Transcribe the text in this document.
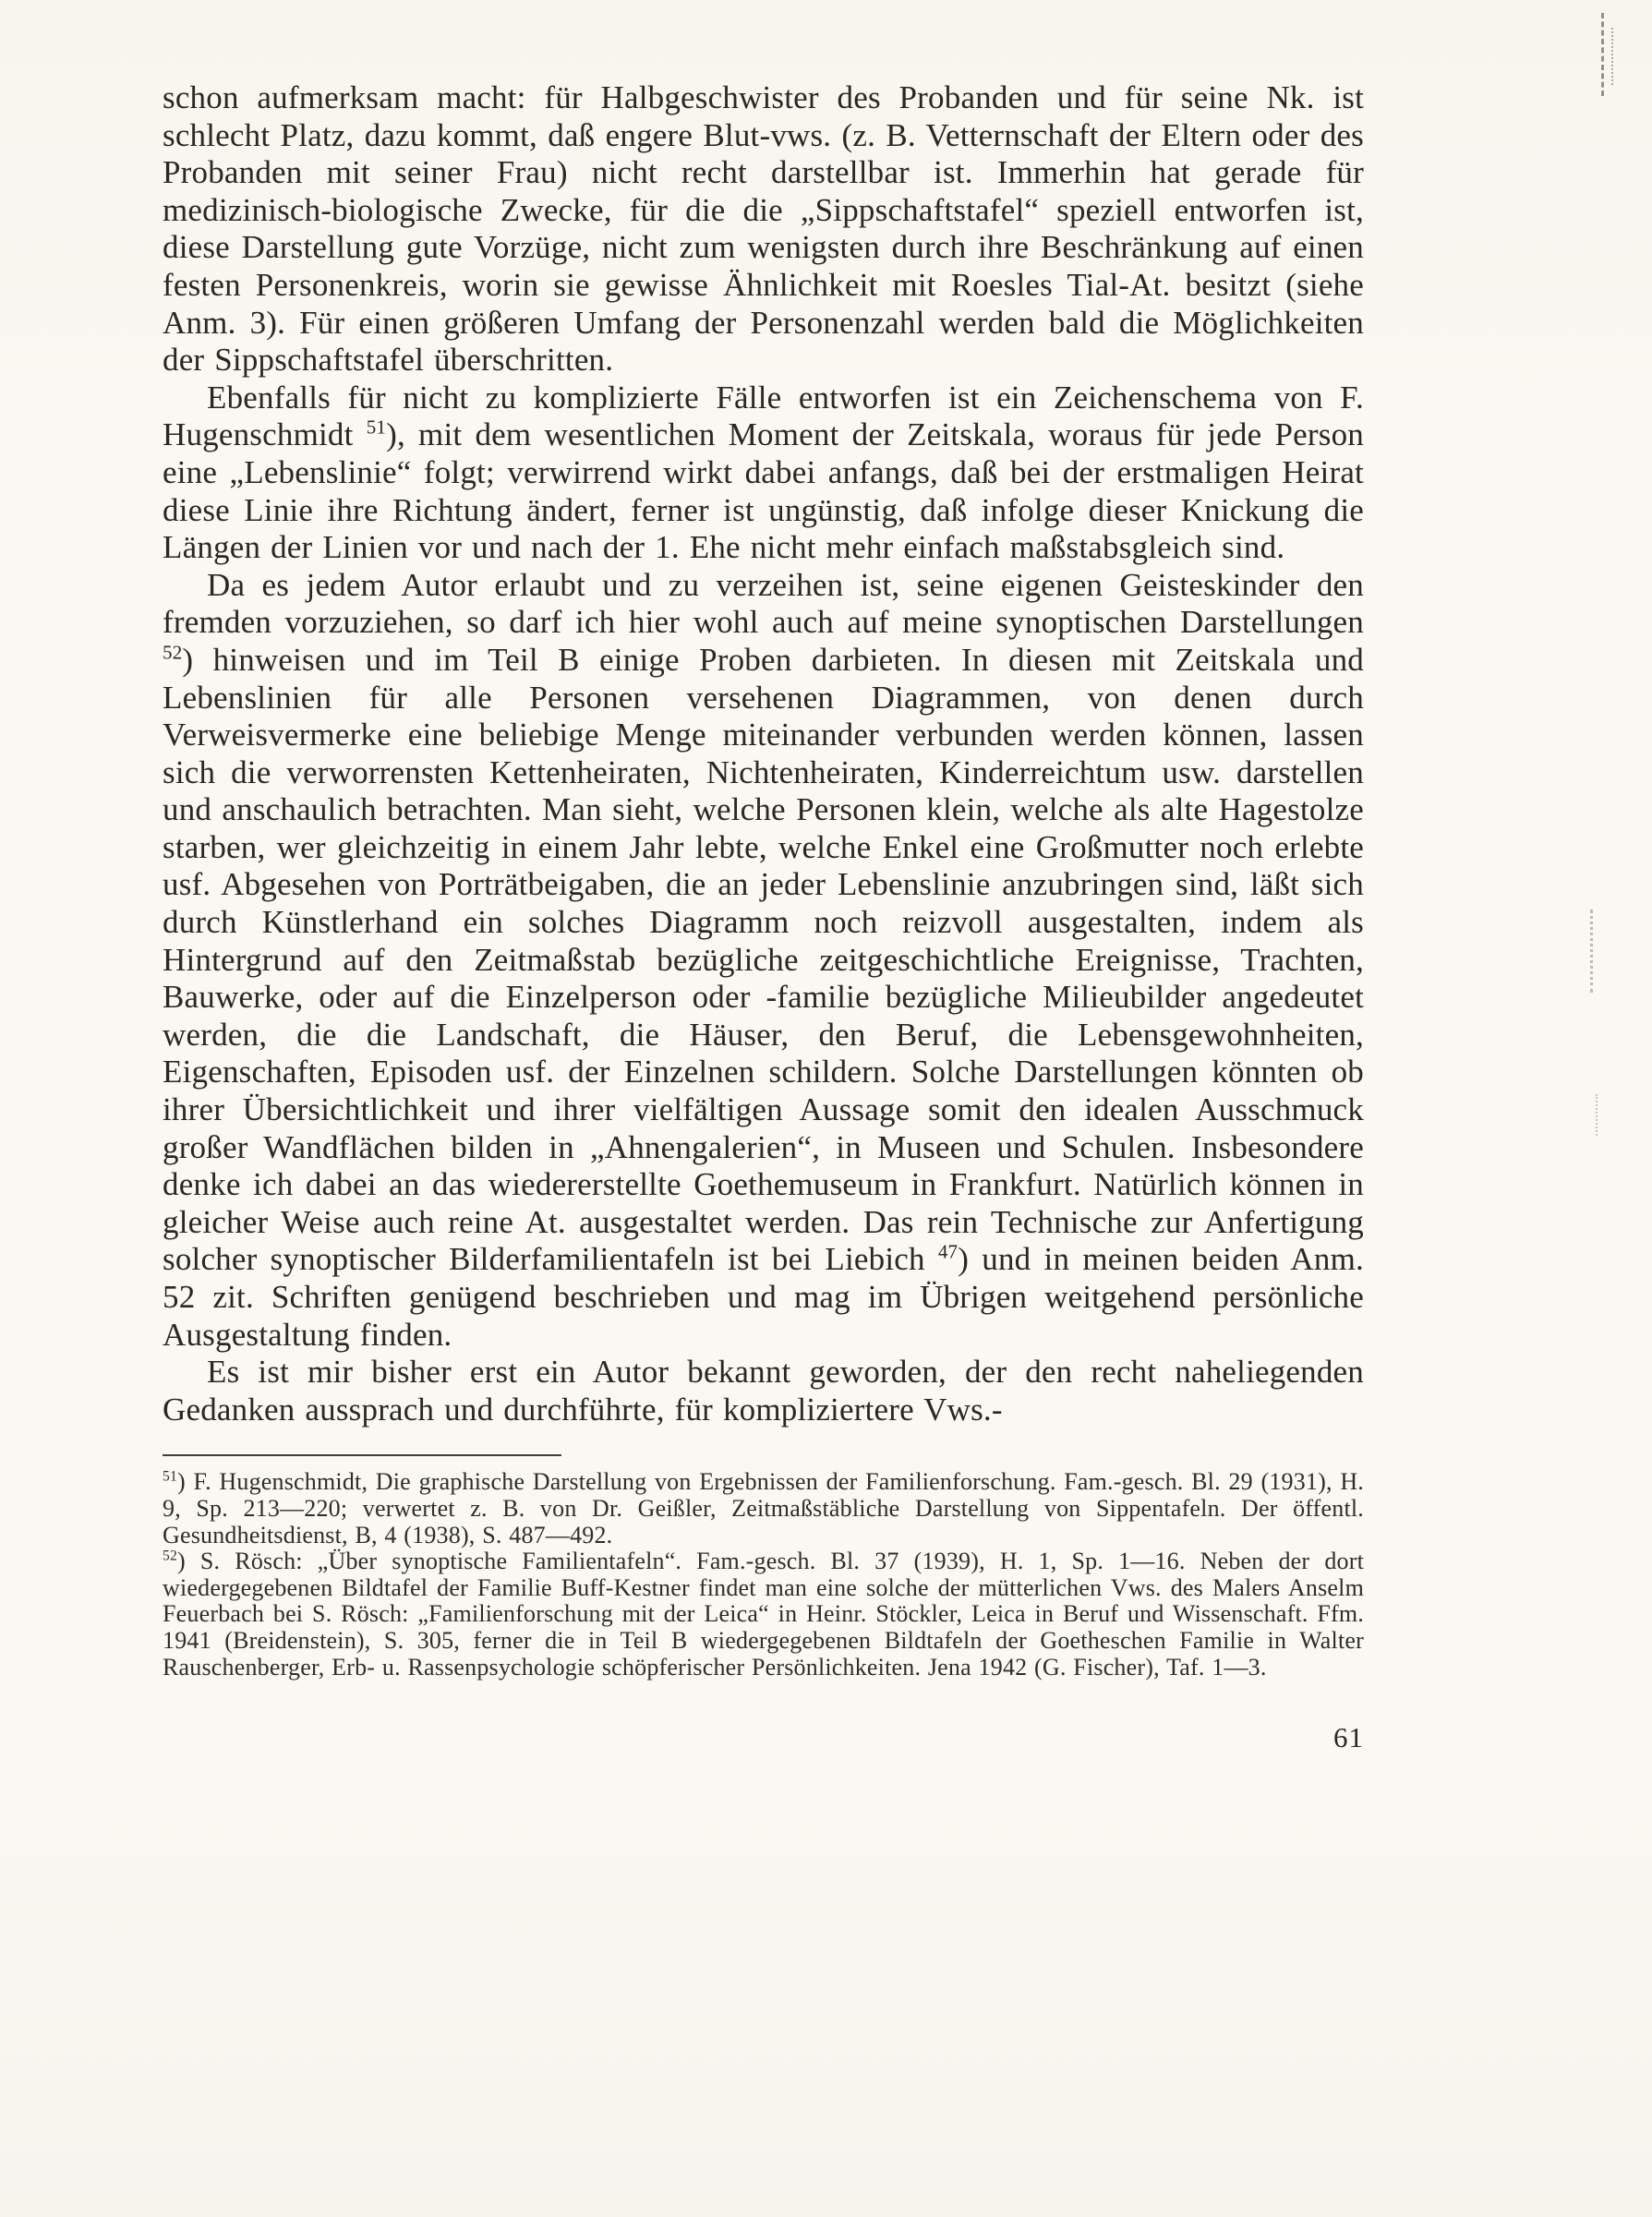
schon aufmerksam macht: für Halbgeschwister des Probanden und für seine Nk. ist schlecht Platz, dazu kommt, daß engere Blut-vws. (z. B. Vetternschaft der Eltern oder des Probanden mit seiner Frau) nicht recht darstellbar ist. Immerhin hat gerade für medizinisch-biologische Zwecke, für die die „Sippschaftstafel“ speziell entworfen ist, diese Darstellung gute Vorzüge, nicht zum wenigsten durch ihre Beschränkung auf einen festen Personenkreis, worin sie gewisse Ähnlichkeit mit Roesles Tial-At. besitzt (siehe Anm. 3). Für einen größeren Umfang der Personenzahl werden bald die Möglichkeiten der Sippschaftstafel überschritten.

Ebenfalls für nicht zu komplizierte Fälle entworfen ist ein Zeichenschema von F. Hugenschmidt $^{51}$), mit dem wesentlichen Moment der Zeitskala, woraus für jede Person eine „Lebenslinie“ folgt; verwirrend wirkt dabei anfangs, daß bei der erstmaligen Heirat diese Linie ihre Richtung ändert, ferner ist ungünstig, daß infolge dieser Knickung die Längen der Linien vor und nach der 1. Ehe nicht mehr einfach maßstabsgleich sind.

Da es jedem Autor erlaubt und zu verzeihen ist, seine eigenen Geisteskinder den fremden vorzuziehen, so darf ich hier wohl auch auf meine synoptischen Darstellungen $^{52}$) hinweisen und im Teil B einige Proben darbieten. In diesen mit Zeitskala und Lebenslinien für alle Personen versehenen Diagrammen, von denen durch Verweisvermerke eine beliebige Menge miteinander verbunden werden können, lassen sich die verworrensten Kettenheiraten, Nichtenheiraten, Kinderreichtum usw. darstellen und anschaulich betrachten. Man sieht, welche Personen klein, welche als alte Hagestolze starben, wer gleichzeitig in einem Jahr lebte, welche Enkel eine Großmutter noch erlebte usf. Abgesehen von Porträtbeigaben, die an jeder Lebenslinie anzubringen sind, läßt sich durch Künstlerhand ein solches Diagramm noch reizvoll ausgestalten, indem als Hintergrund auf den Zeitmaßstab bezügliche zeitgeschichtliche Ereignisse, Trachten, Bauwerke, oder auf die Einzelperson oder -familie bezügliche Milieubilder angedeutet werden, die die Landschaft, die Häuser, den Beruf, die Lebensgewohnheiten, Eigenschaften, Episoden usf. der Einzelnen schildern. Solche Darstellungen könnten ob ihrer Übersichtlichkeit und ihrer vielfältigen Aussage somit den idealen Ausschmuck großer Wandflächen bilden in „Ahnengalerien“, in Museen und Schulen. Insbesondere denke ich dabei an das wiedererstellte Goethemuseum in Frankfurt. Natürlich können in gleicher Weise auch reine At. ausgestaltet werden. Das rein Technische zur Anfertigung solcher synoptischer Bilderfamilientafeln ist bei Liebich $^{47}$) und in meinen beiden Anm. 52 zit. Schriften genügend beschrieben und mag im Übrigen weitgehend persönliche Ausgestaltung finden.

Es ist mir bisher erst ein Autor bekannt geworden, der den recht naheliegenden Gedanken aussprach und durchführte, für kompliziertere Vws.-

$^{51}$) F. Hugenschmidt, Die graphische Darstellung von Ergebnissen der Familienforschung. Fam.-gesch. Bl. 29 (1931), H. 9, Sp. 213—220; verwertet z. B. von Dr. Geißler, Zeitmaßstäbliche Darstellung von Sippentafeln. Der öffentl. Gesundheitsdienst, B, 4 (1938), S. 487—492.

$^{52}$) S. Rösch: „Über synoptische Familientafeln“. Fam.-gesch. Bl. 37 (1939), H. 1, Sp. 1—16. Neben der dort wiedergegebenen Bildtafel der Familie Buff-Kestner findet man eine solche der mütterlichen Vws. des Malers Anselm Feuerbach bei S. Rösch: „Familienforschung mit der Leica“ in Heinr. Stöckler, Leica in Beruf und Wissenschaft. Ffm. 1941 (Breidenstein), S. 305, ferner die in Teil B wiedergegebenen Bildtafeln der Goetheschen Familie in Walter Rauschenberger, Erb- u. Rassenpsychologie schöpferischer Persönlichkeiten. Jena 1942 (G. Fischer), Taf. 1—3.

61
